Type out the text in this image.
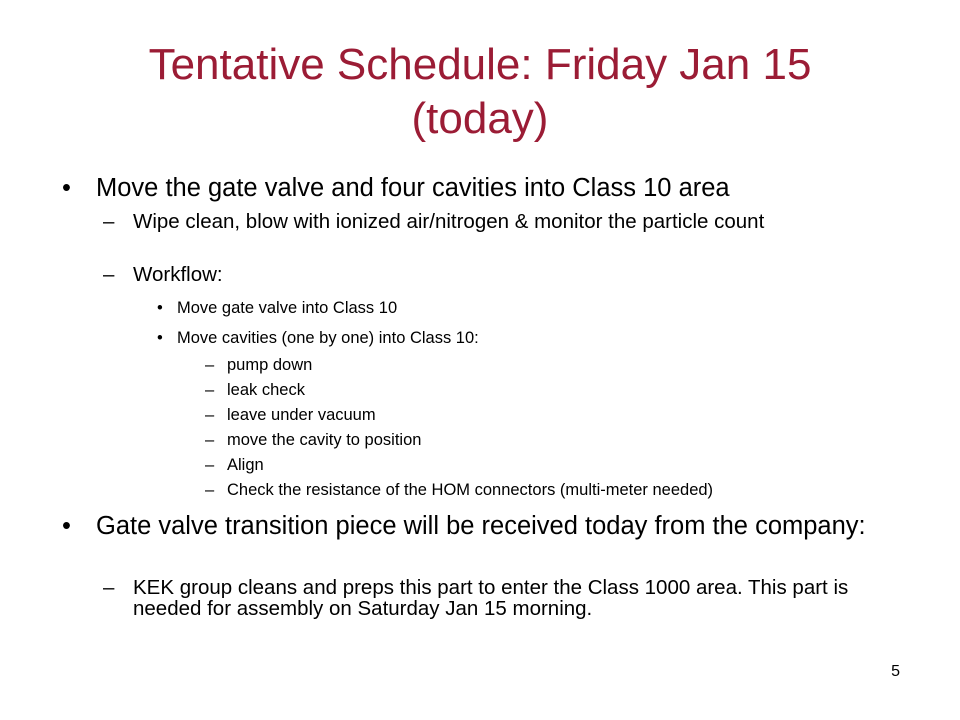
Tentative Schedule: Friday Jan 15
(today)
• Move the gate valve and four cavities into Class 10 area
– Wipe clean, blow with ionized air/nitrogen & monitor the particle count
– Workflow:
• Move gate valve into Class 10
• Move cavities (one by one) into Class 10:
– pump down
– leak check
– leave under vacuum
– move the cavity to position
– Align
– Check the resistance of the HOM connectors (multi-meter needed)
• Gate valve transition piece will be received today from the company:
– KEK group cleans and preps this part to enter the Class 1000 area. This part is needed for assembly on Saturday Jan 15 morning.
5
